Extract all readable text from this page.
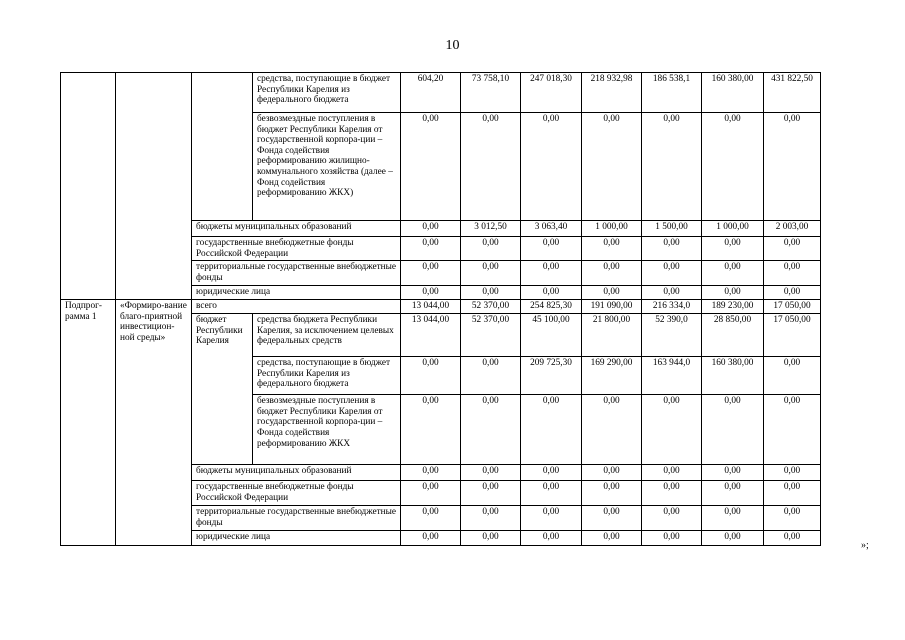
10
			средства, поступающие в бюджет Республики Карелия из федерального бюджета	604,20	73 758,10	247 018,30	218 932,98	186 538,1	160 380,00	431 822,50
			безвозмездные поступления в бюджет Республики Карелия от государственной корпора-ции – Фонда содействия реформированию жилищно-коммунального хозяйства (далее – Фонд содействия реформированию ЖКХ)	0,00	0,00	0,00	0,00	0,00	0,00	0,00
		бюджеты муниципальных образований		0,00	3 012,50	3 063,40	1 000,00	1 500,00	1 000,00	2 003,00
		государственные внебюджетные фонды Российской Федерации		0,00	0,00	0,00	0,00	0,00	0,00	0,00
		территориальные государственные внебюджетные фонды		0,00	0,00	0,00	0,00	0,00	0,00	0,00
		юридические лица		0,00	0,00	0,00	0,00	0,00	0,00	0,00
Подпрог-рамма 1	«Формиро-вание благо-приятной инвестицион-ной среды»	всего		13 044,00	52 370,00	254 825,30	191 090,00	216 334,0	189 230,00	17 050,00
		бюджет Республики Карелия	средства бюджета Республики Карелия, за исключением целевых федеральных средств	13 044,00	52 370,00	45 100,00	21 800,00	52 390,0	28 850,00	17 050,00
			средства, поступающие в бюджет Республики Карелия из федерального бюджета	0,00	0,00	209 725,30	169 290,00	163 944,0	160 380,00	0,00
			безвозмездные поступления в бюджет Республики Карелия от государственной корпора-ции – Фонда содействия реформированию ЖКХ	0,00	0,00	0,00	0,00	0,00	0,00	0,00
		бюджеты муниципальных образований		0,00	0,00	0,00	0,00	0,00	0,00	0,00
		государственные внебюджетные фонды Российской Федерации		0,00	0,00	0,00	0,00	0,00	0,00	0,00
		территориальные государственные внебюджетные фонды		0,00	0,00	0,00	0,00	0,00	0,00	0,00
		юридические лица		0,00	0,00	0,00	0,00	0,00	0,00	0,00
»;
